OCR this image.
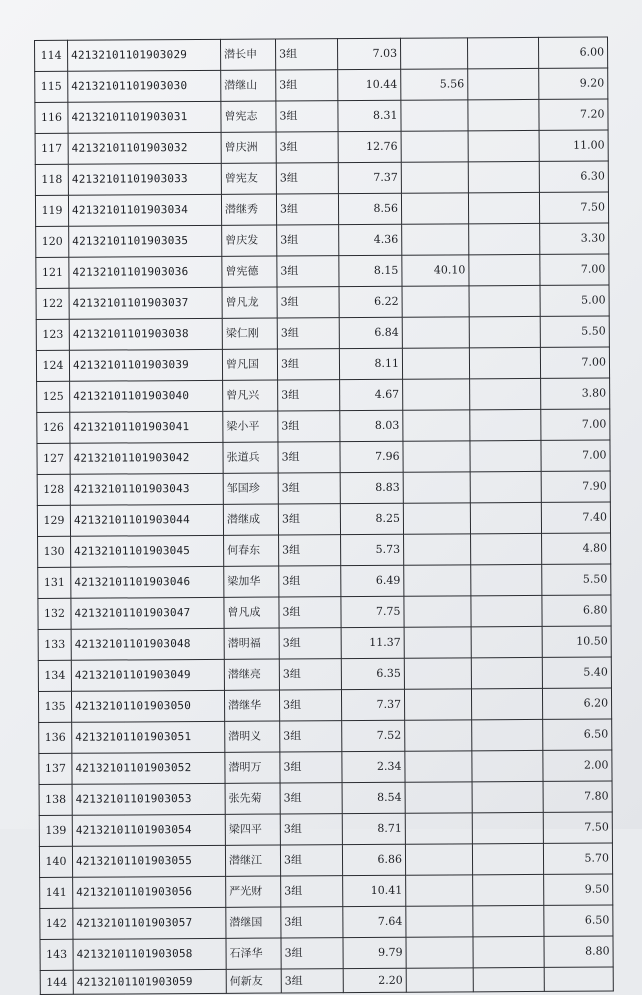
114	42132101101903029	潜长申	3组	7.03			6.00
115	42132101101903030	潜继山	3组	10.44	5.56		9.20
116	42132101101903031	曾宪志	3组	8.31			7.20
117	42132101101903032	曾庆洲	3组	12.76			11.00
118	42132101101903033	曾宪友	3组	7.37			6.30
119	42132101101903034	潜继秀	3组	8.56			7.50
120	42132101101903035	曾庆发	3组	4.36			3.30
121	42132101101903036	曾宪德	3组	8.15	40.10		7.00
122	42132101101903037	曾凡龙	3组	6.22			5.00
123	42132101101903038	梁仁刚	3组	6.84			5.50
124	42132101101903039	曾凡国	3组	8.11			7.00
125	42132101101903040	曾凡兴	3组	4.67			3.80
126	42132101101903041	梁小平	3组	8.03			7.00
127	42132101101903042	张道兵	3组	7.96			7.00
128	42132101101903043	邹国珍	3组	8.83			7.90
129	42132101101903044	潜继成	3组	8.25			7.40
130	42132101101903045	何春东	3组	5.73			4.80
131	42132101101903046	梁加华	3组	6.49			5.50
132	42132101101903047	曾凡成	3组	7.75			6.80
133	42132101101903048	潜明福	3组	11.37			10.50
134	42132101101903049	潜继亮	3组	6.35			5.40
135	42132101101903050	潜继华	3组	7.37			6.20
136	42132101101903051	潜明义	3组	7.52			6.50
137	42132101101903052	潜明万	3组	2.34			2.00
138	42132101101903053	张先菊	3组	8.54			7.80
139	42132101101903054	梁四平	3组	8.71			7.50
140	42132101101903055	潜继江	3组	6.86			5.70
141	42132101101903056	严光财	3组	10.41			9.50
142	42132101101903057	潜继国	3组	7.64			6.50
143	42132101101903058	石泽华	3组	9.79			8.80
144	42132101101903059	何新友	3组	2.20			
